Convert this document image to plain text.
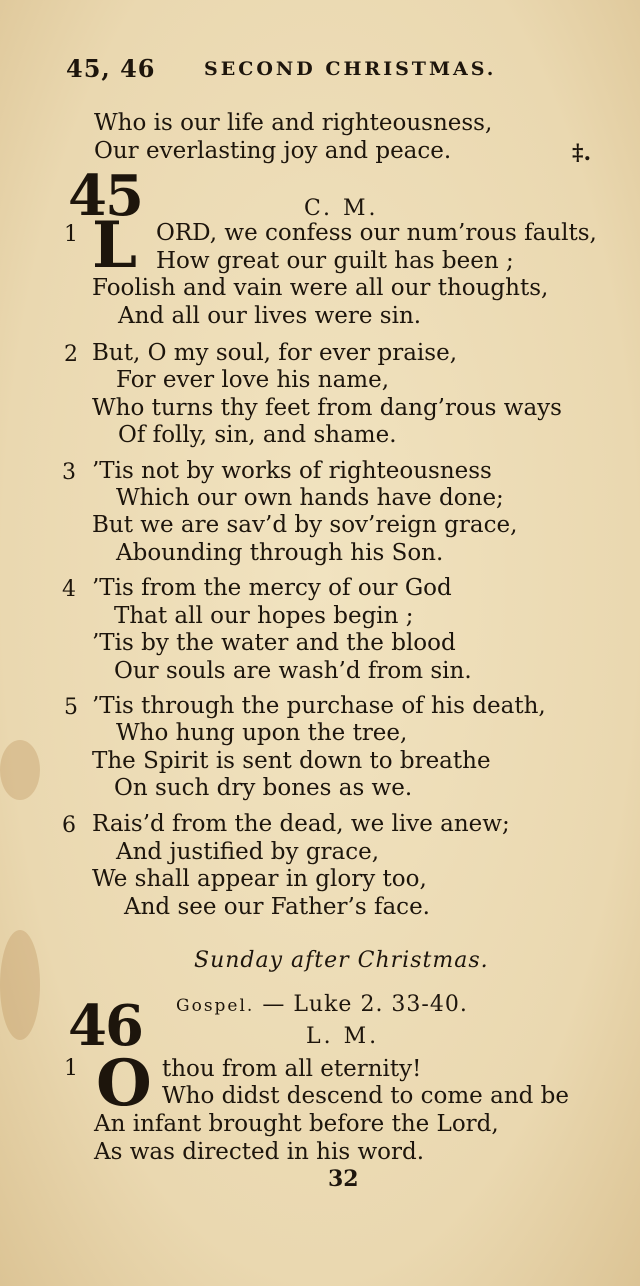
45, 46	SECOND CHRISTMAS.
Who is our life and righteousness,
Our everlasting joy and peace.	‡.
45	C. M.
1 L ORD, we confess our num’rous faults,
How great our guilt has been ;
Foolish and vain were all our thoughts,
And all our lives were sin.
2 But, O my soul, for ever praise,
For ever love his name,
Who turns thy feet from dang’rous ways
Of folly, sin, and shame.
3 ’Tis not by works of righteousness
Which our own hands have done;
But we are sav’d by sov’reign grace,
Abounding through his Son.
4 ’Tis from the mercy of our God
That all our hopes begin ;
’Tis by the water and the blood
Our souls are wash’d from sin.
5 ’Tis through the purchase of his death,
Who hung upon the tree,
The Spirit is sent down to breathe
On such dry bones as we.
6 Rais’d from the dead, we live anew;
And justified by grace,
We shall appear in glory too,
And see our Father’s face.
Sunday after Christmas.
Gospel. — Luke 2. 33-40.
46	L. M.
1 O thou from all eternity!
Who didst descend to come and be
An infant brought before the Lord,
As was directed in his word.
32
